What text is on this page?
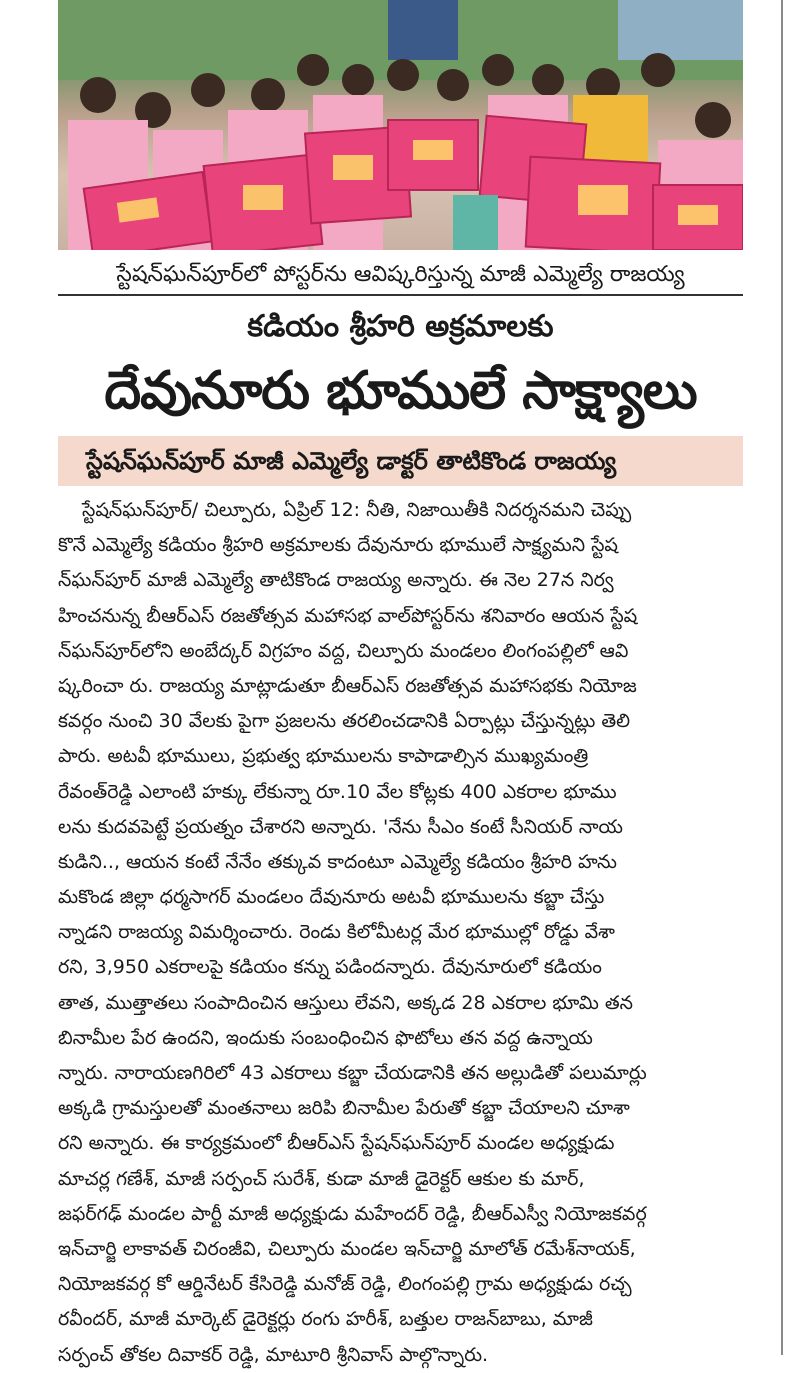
స్టేషన్‌ఘన్‌పూర్‌లో పోస్టర్‌ను ఆవిష్కరిస్తున్న మాజీ ఎమ్మెల్యే రాజయ్య
కడియం శ్రీహరి అక్రమాలకు
దేవునూరు భూములే సాక్ష్యాలు
స్టేషన్‌ఘన్‌పూర్ మాజీ ఎమ్మెల్యే డాక్టర్ తాటికొండ రాజయ్య
స్టేషన్‌ఘన్‌పూర్/ చిల్పూరు, ఏప్రిల్ 12: నీతి, నిజాయితీకి నిదర్శనమని చెప్పు
కొనే ఎమ్మెల్యే కడియం శ్రీహరి అక్రమాలకు దేవునూరు భూములే సాక్ష్యమని స్టేష
న్‌ఘన్‌పూర్ మాజీ ఎమ్మెల్యే తాటికొండ రాజయ్య అన్నారు. ఈ నెల 27న నిర్వ
హించనున్న బీఆర్‌ఎస్ రజతోత్సవ మహాసభ వాల్‌పోస్టర్‌ను శనివారం ఆయన స్టేష
న్‌ఘన్‌పూర్‌లోని అంబేద్కర్ విగ్రహం వద్ద, చిల్పూరు మండలం లింగంపల్లిలో ఆవి
ష్కరించా రు. రాజయ్య మాట్లాడుతూ బీఆర్‌ఎస్ రజతోత్సవ మహాసభకు నియోజ
కవర్గం నుంచి 30 వేలకు పైగా ప్రజలను తరలించడానికి ఏర్పాట్లు చేస్తున్నట్లు తెలి
పారు. అటవీ భూములు, ప్రభుత్వ భూములను కాపాడాల్సిన ముఖ్యమంత్రి
రేవంత్‌రెడ్డి ఎలాంటి హక్కు లేకున్నా రూ.10 వేల కోట్లకు 400 ఎకరాల భూము
లను కుదవపెట్టే ప్రయత్నం చేశారని అన్నారు. 'నేను సీఎం కంటే సీనియర్ నాయ
కుడిని.., ఆయన కంటే నేనేం తక్కువ కాదంటూ ఎమ్మెల్యే కడియం శ్రీహరి హను
మకొండ జిల్లా ధర్మసాగర్ మండలం దేవునూరు అటవీ భూములను కబ్జా చేస్తు
న్నాడని రాజయ్య విమర్శించారు. రెండు కిలోమీటర్ల మేర భూముల్లో రోడ్డు వేశా
రని, 3,950 ఎకరాలపై కడియం కన్ను పడిందన్నారు. దేవునూరులో కడియం
తాత, ముత్తాతలు సంపాదించిన ఆస్తులు లేవని, అక్కడ 28 ఎకరాల భూమి తన
బినామీల పేర ఉందని, ఇందుకు సంబంధించిన ఫొటోలు తన వద్ద ఉన్నాయ
న్నారు. నారాయణగిరిలో 43 ఎకరాలు కబ్జా చేయడానికి తన అల్లుడితో పలుమార్లు
అక్కడి గ్రామస్తులతో మంతనాలు జరిపి బినామీల పేరుతో కబ్జా చేయాలని చూశా
రని అన్నారు. ఈ కార్యక్రమంలో బీఆర్‌ఎస్ స్టేషన్‌ఘన్‌పూర్ మండల అధ్యక్షుడు
మాచర్ల గణేశ్, మాజీ సర్పంచ్ సురేశ్, కుడా మాజీ డైరెక్టర్ ఆకుల కు మార్,
జఫర్‌గఢ్ మండల పార్టీ మాజీ అధ్యక్షుడు మహేందర్ రెడ్డి, బీఆర్‌ఎస్వీ నియోజకవర్గ
ఇన్‌చార్జి లాకావత్ చిరంజీవి, చిల్పూరు మండల ఇన్‌చార్జి మాలోత్ రమేశ్‌నాయక్,
నియోజకవర్గ కో ఆర్డినేటర్ కేసిరెడ్డి మనోజ్ రెడ్డి, లింగంపల్లి గ్రామ అధ్యక్షుడు రచ్చ
రవీందర్, మాజీ మార్కెట్ డైరెక్టర్లు రంగు హరీశ్, బత్తుల రాజన్‌బాబు, మాజీ
సర్పంచ్ తోకల దివాకర్ రెడ్డి, మాటూరి శ్రీనివాస్ పాల్గొన్నారు.
